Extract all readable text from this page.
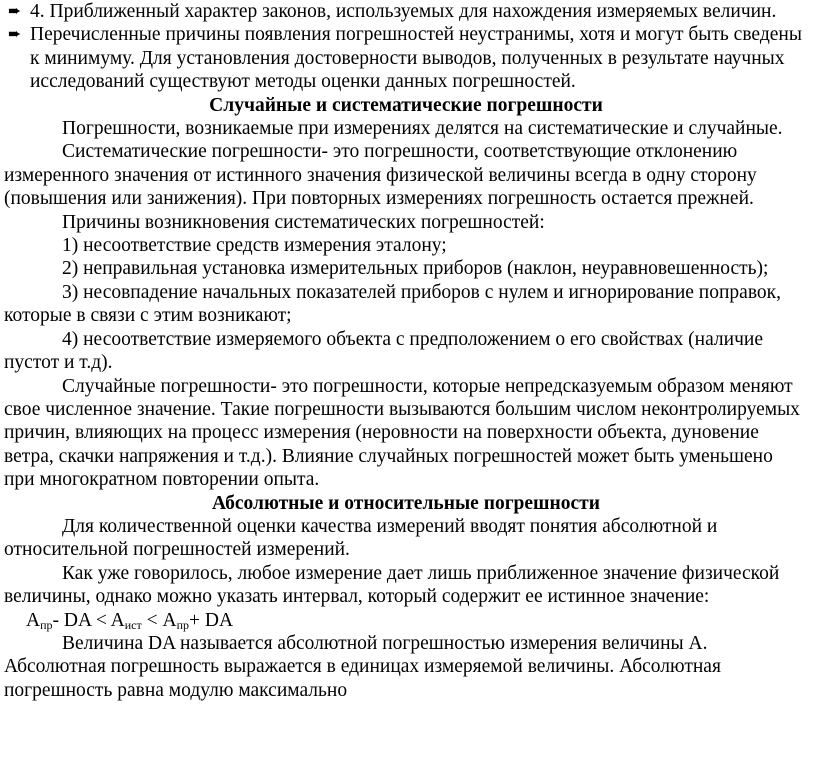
➨ 4. Приближенный характер законов, используемых для нахождения измеряемых величин.

➨ Перечисленные причины появления погрешностей неустранимы, хотя и могут быть сведены к минимуму. Для установления достоверности выводов, полученных в результате научных исследований существуют методы оценки данных погрешностей.

Случайные и систематические погрешности

Погрешности, возникаемые при измерениях делятся на систематические и случайные.

Систематические погрешности- это погрешности, соответствующие отклонению измеренного значения от истинного значения физической величины всегда в одну сторону (повышения или занижения). При повторных измерениях погрешность остается прежней.

Причины возникновения систематических погрешностей:

1) несоответствие средств измерения эталону;

2) неправильная установка измерительных приборов (наклон, неуравновешенность);

3) несовпадение начальных показателей приборов с нулем и игнорирование поправок, которые в связи с этим возникают;

4) несоответствие измеряемого объекта с предположением о его свойствах (наличие пустот и т.д).

Случайные погрешности- это погрешности, которые непредсказуемым образом меняют свое численное значение. Такие погрешности вызываются большим числом неконтролируемых причин, влияющих на процесс измерения (неровности на поверхности объекта, дуновение ветра, скачки напряжения и т.д.). Влияние случайных погрешностей может быть уменьшено при многократном повторении опыта.

Абсолютные и относительные погрешности

Для количественной оценки качества измерений вводят понятия абсолютной и относительной погрешностей измерений.

Как уже говорилось, любое измерение дает лишь приближенное значение физической величины, однако можно указать интервал, который содержит ее истинное значение:

$A_{пр}-$ DA < $A_{ист} < A_{пр}+$ DA

Величина DA называется абсолютной погрешностью измерения величины А. Абсолютная погрешность выражается в единицах измеряемой величины. Абсолютная погрешность равна модулю максимально
